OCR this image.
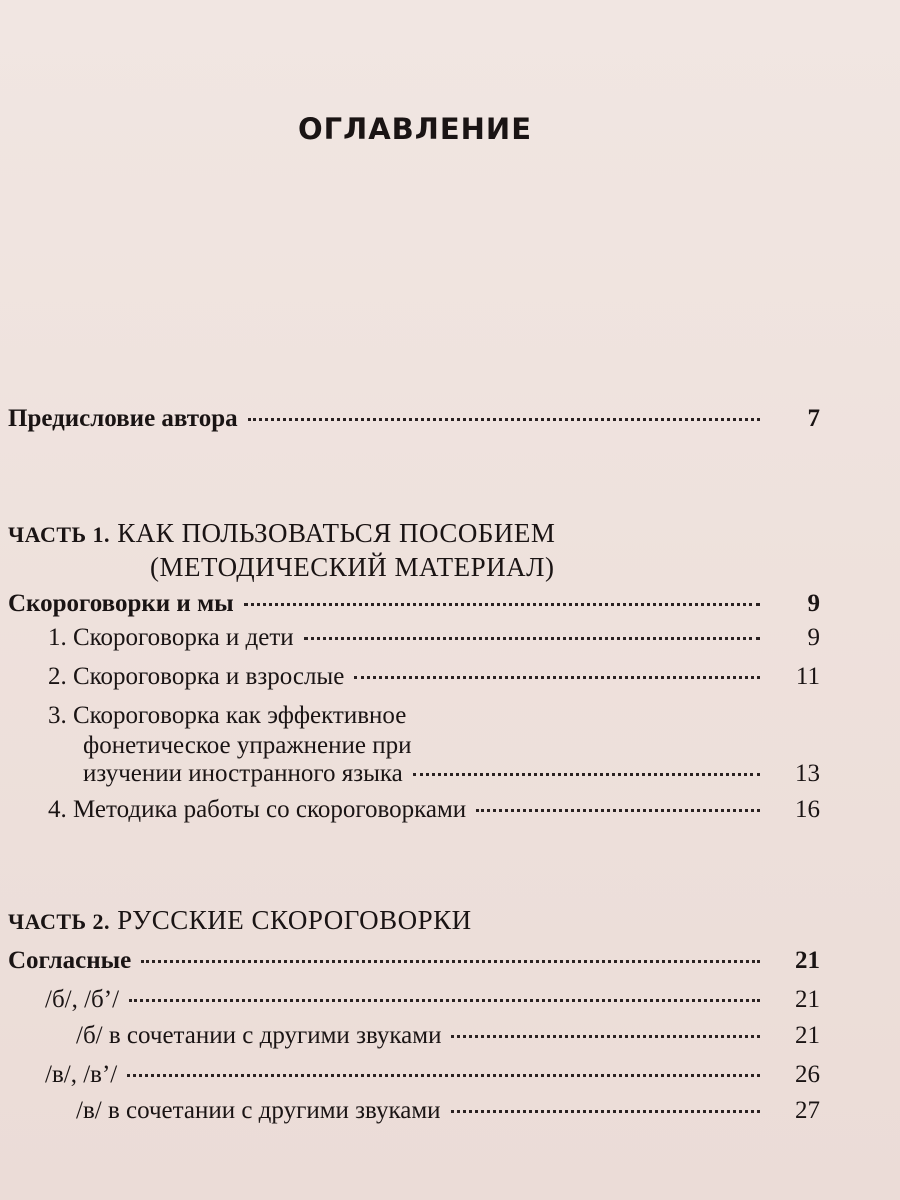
ОГЛАВЛЕНИЕ
Предисловие автора	7
ЧАСТЬ 1. КАК ПОЛЬЗОВАТЬСЯ ПОСОБИЕМ
(МЕТОДИЧЕСКИЙ МАТЕРИАЛ)
Скороговорки и мы	9
1. Скороговорка и дети	9
2. Скороговорка и взрослые	11
3. Скороговорка как эффективное
фонетическое упражнение при
изучении иностранного языка	13
4. Методика работы со скороговорками	16
ЧАСТЬ 2. РУССКИЕ СКОРОГОВОРКИ
Согласные	21
/б/, /б’/	21
/б/ в сочетании с другими звуками	21
/в/, /в’/	26
/в/ в сочетании с другими звуками	27
